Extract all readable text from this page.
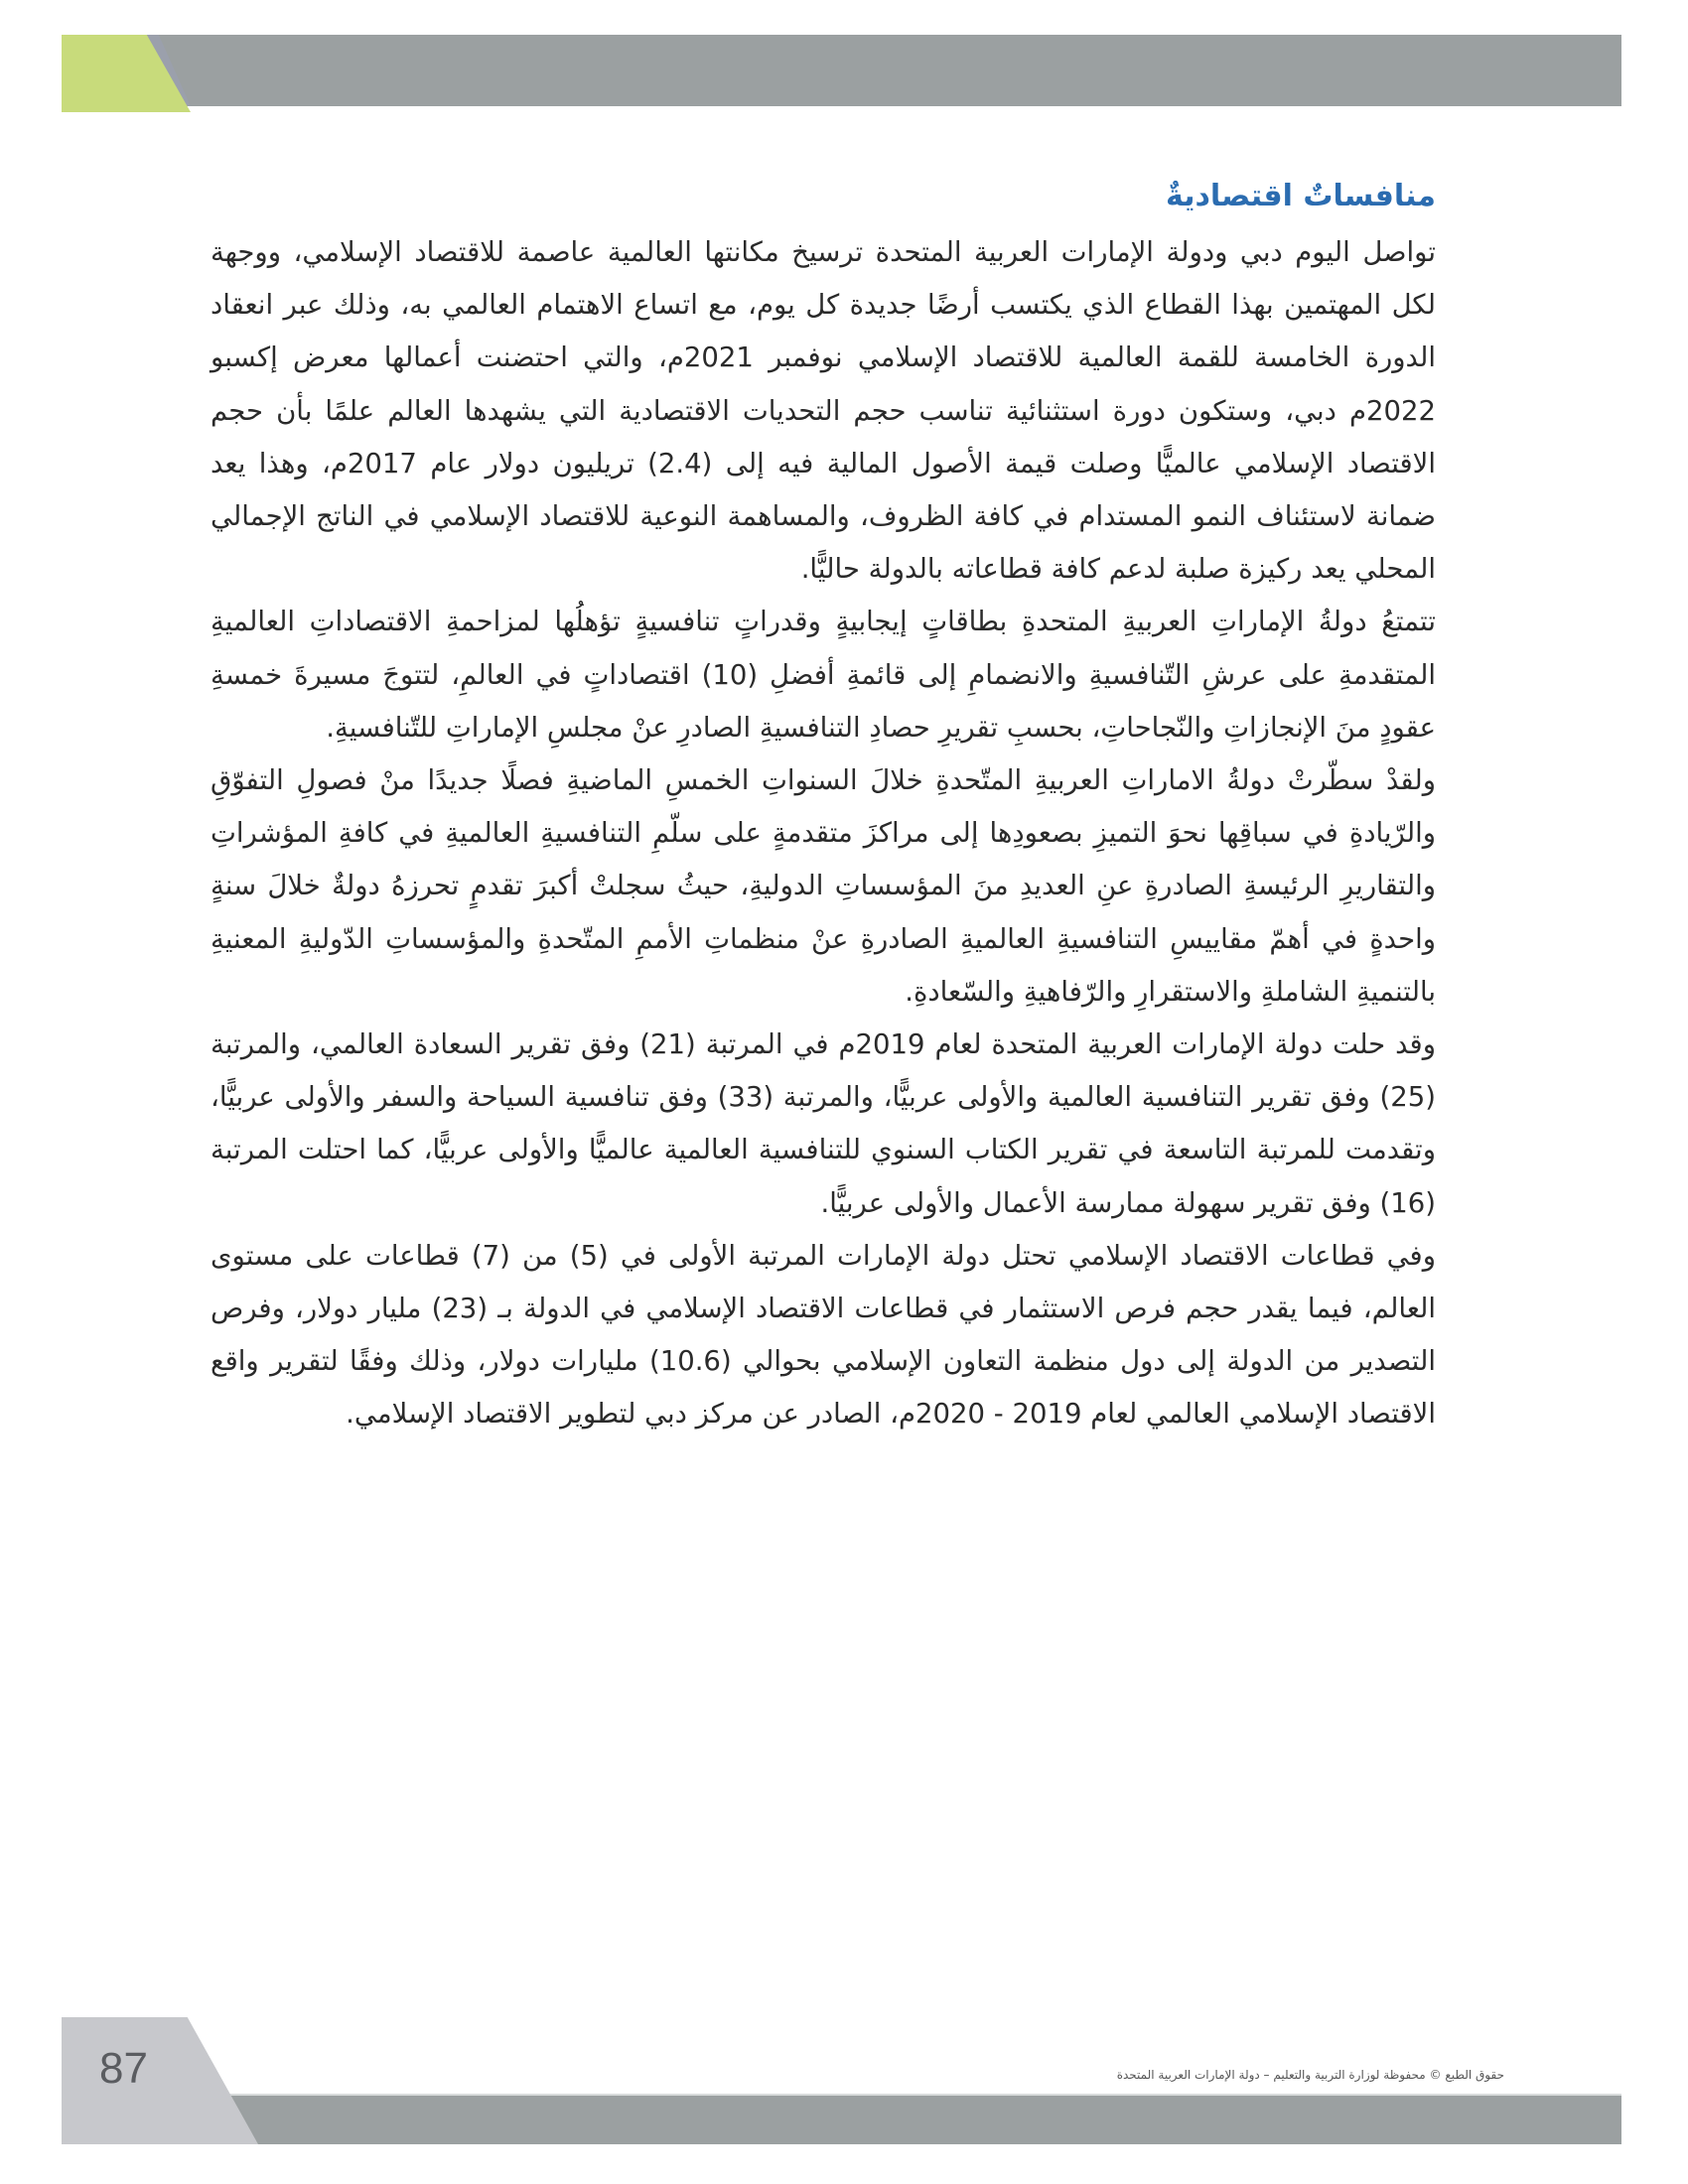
منافساتٌ اقتصاديةٌ

تواصل اليوم دبي ودولة الإمارات العربية المتحدة ترسيخ مكانتها العالمية عاصمة للاقتصاد الإسلامي، ووجهة لكل المهتمين بهذا القطاع الذي يكتسب أرضًا جديدة كل يوم، مع اتساع الاهتمام العالمي به، وذلك عبر انعقاد الدورة الخامسة للقمة العالمية للاقتصاد الإسلامي نوفمبر 2021م، والتي احتضنت أعمالها معرض إكسبو 2022م دبي، وستكون دورة استثنائية تناسب حجم التحديات الاقتصادية التي يشهدها العالم علمًا بأن حجم الاقتصاد الإسلامي عالميًّا وصلت قيمة الأصول المالية فيه إلى (2.4) تريليون دولار عام 2017م، وهذا يعد ضمانة لاستئناف النمو المستدام في كافة الظروف، والمساهمة النوعية للاقتصاد الإسلامي في الناتج الإجمالي المحلي يعد ركيزة صلبة لدعم كافة قطاعاته بالدولة حاليًّا.

تتمتعُ دولةُ الإماراتِ العربيةِ المتحدةِ بطاقاتٍ إيجابيةٍ وقدراتٍ تنافسيةٍ تؤهلُها لمزاحمةِ الاقتصاداتِ العالميةِ المتقدمةِ على عرشِ التّنافسيةِ والانضمامِ إلى قائمةِ أفضلِ (10) اقتصاداتٍ في العالمِ، لتتوجَ مسيرةَ خمسةِ عقودٍ منَ الإنجازاتِ والنّجاحاتِ، بحسبِ تقريرِ حصادِ التنافسيةِ الصادرِ عنْ مجلسِ الإماراتِ للتّنافسيةِ.

ولقدْ سطّرتْ دولةُ الاماراتِ العربيةِ المتّحدةِ خلالَ السنواتِ الخمسِ الماضيةِ فصلًا جديدًا منْ فصولِ التفوّقِ والرّيادةِ في سباقِها نحوَ التميزِ بصعودِها إلى مراكزَ متقدمةٍ على سلّمِ التنافسيةِ العالميةِ في كافةِ المؤشراتِ والتقاريرِ الرئيسةِ الصادرةِ عنِ العديدِ منَ المؤسساتِ الدوليةِ، حيثُ سجلتْ أكبرَ تقدمٍ تحرزهُ دولةٌ خلالَ سنةٍ واحدةٍ في أهمّ مقاييسِ التنافسيةِ العالميةِ الصادرةِ عنْ منظماتِ الأممِ المتّحدةِ والمؤسساتِ الدّوليةِ المعنيةِ بالتنميةِ الشاملةِ والاستقرارِ والرّفاهيةِ والسّعادةِ.

وقد حلت دولة الإمارات العربية المتحدة لعام 2019م في المرتبة (21) وفق تقرير السعادة العالمي، والمرتبة (25) وفق تقرير التنافسية العالمية والأولى عربيًّا، والمرتبة (33) وفق تنافسية السياحة والسفر والأولى عربيًّا، وتقدمت للمرتبة التاسعة في تقرير الكتاب السنوي للتنافسية العالمية عالميًّا والأولى عربيًّا، كما احتلت المرتبة (16) وفق تقرير سهولة ممارسة الأعمال والأولى عربيًّا.

وفي قطاعات الاقتصاد الإسلامي تحتل دولة الإمارات المرتبة الأولى في (5) من (7) قطاعات على مستوى العالم، فيما يقدر حجم فرص الاستثمار في قطاعات الاقتصاد الإسلامي في الدولة بـ (23) مليار دولار، وفرص التصدير من الدولة إلى دول منظمة التعاون الإسلامي بحوالي (10.6) مليارات دولار، وذلك وفقًا لتقرير واقع الاقتصاد الإسلامي العالمي لعام 2019 - 2020م، الصادر عن مركز دبي لتطوير الاقتصاد الإسلامي.

87	حقوق الطبع © محفوظة لوزارة التربية والتعليم – دولة الإمارات العربية المتحدة
